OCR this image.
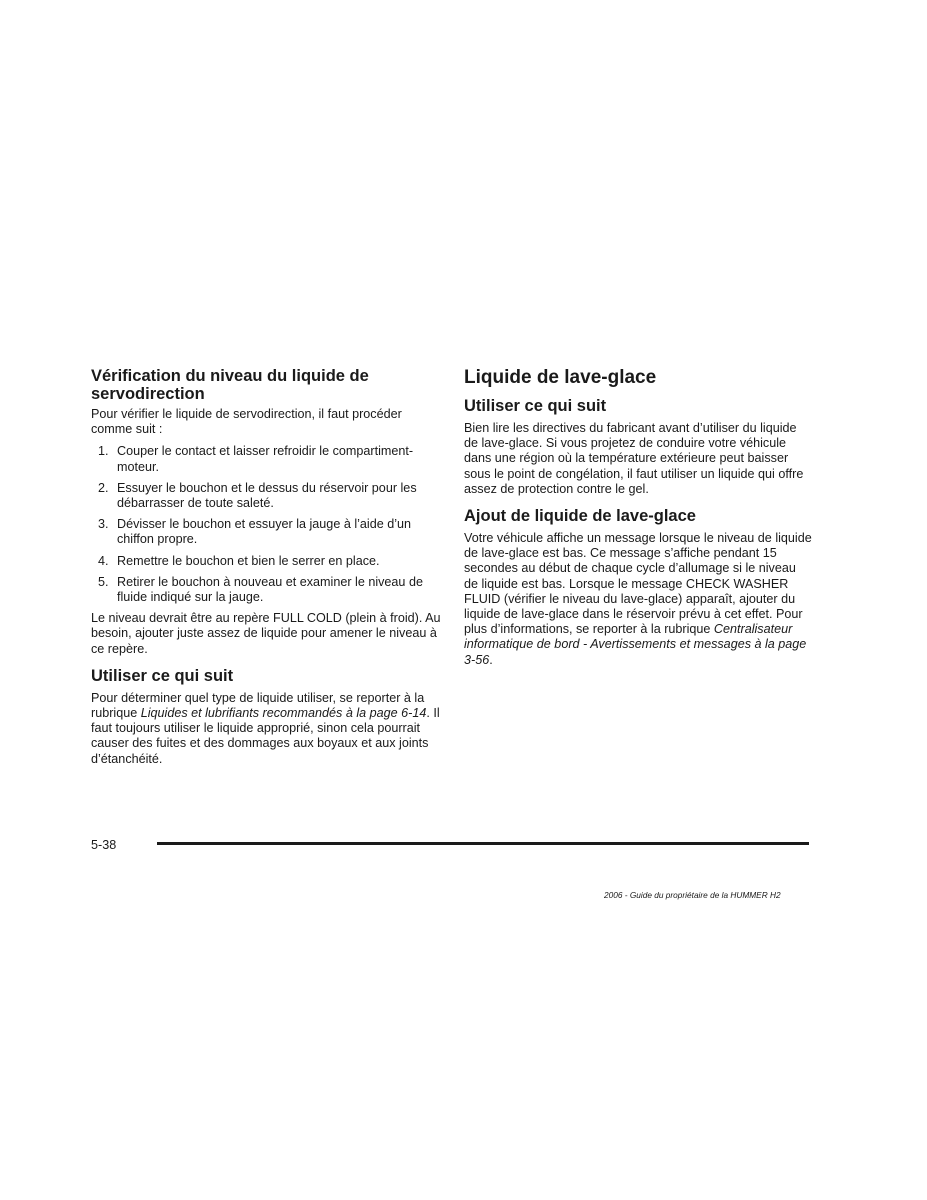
Vérification du niveau du liquide de servodirection

Pour vérifier le liquide de servodirection, il faut procéder comme suit :

1. Couper le contact et laisser refroidir le compartiment-moteur.
2. Essuyer le bouchon et le dessus du réservoir pour les débarrasser de toute saleté.
3. Dévisser le bouchon et essuyer la jauge à l’aide d’un chiffon propre.
4. Remettre le bouchon et bien le serrer en place.
5. Retirer le bouchon à nouveau et examiner le niveau de fluide indiqué sur la jauge.

Le niveau devrait être au repère FULL COLD (plein à froid). Au besoin, ajouter juste assez de liquide pour amener le niveau à ce repère.

Utiliser ce qui suit

Pour déterminer quel type de liquide utiliser, se reporter à la rubrique Liquides et lubrifiants recommandés à la page 6-14. Il faut toujours utiliser le liquide approprié, sinon cela pourrait causer des fuites et des dommages aux boyaux et aux joints d’étanchéité.

Liquide de lave-glace
Utiliser ce qui suit

Bien lire les directives du fabricant avant d’utiliser du liquide de lave-glace. Si vous projetez de conduire votre véhicule dans une région où la température extérieure peut baisser sous le point de congélation, il faut utiliser un liquide qui offre assez de protection contre le gel.

Ajout de liquide de lave-glace

Votre véhicule affiche un message lorsque le niveau de liquide de lave-glace est bas. Ce message s’affiche pendant 15 secondes au début de chaque cycle d’allumage si le niveau de liquide est bas. Lorsque le message CHECK WASHER FLUID (vérifier le niveau du lave-glace) apparaît, ajouter du liquide de lave-glace dans le réservoir prévu à cet effet. Pour plus d’informations, se reporter à la rubrique Centralisateur informatique de bord - Avertissements et messages à la page 3-56.

5-38
2006 - Guide du propriétaire de la HUMMER H2
